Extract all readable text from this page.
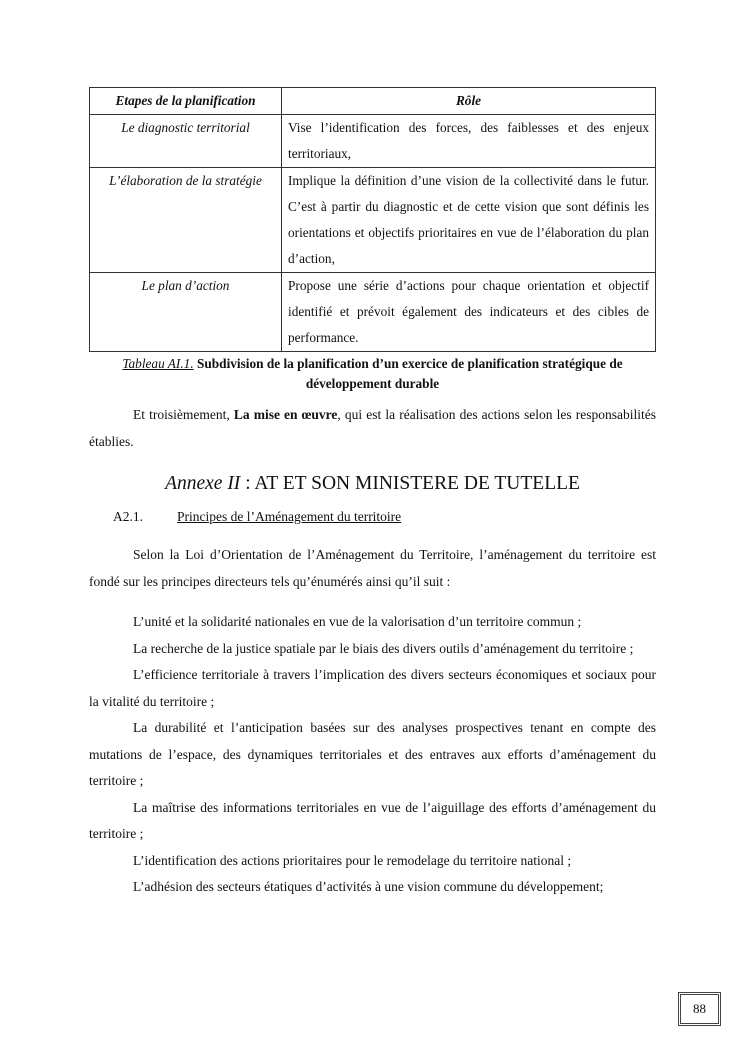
Etapes de la planification	Rôle
Le diagnostic territorial	Vise l’identification des forces, des faiblesses et des enjeux territoriaux,
L’élaboration de la stratégie	Implique la définition d’une vision de la collectivité dans le futur. C’est à partir du diagnostic et de cette vision que sont définis les orientations et objectifs prioritaires en vue de l’élaboration du plan d’action,
Le plan d’action	Propose une série d’actions pour chaque orientation et objectif identifié et prévoit également des indicateurs et des cibles de performance.
Tableau AI.1. Subdivision de la planification d’un exercice de planification stratégique de développement durable

Et troisièmement, La mise en œuvre, qui est la réalisation des actions selon les responsabilités établies.

Annexe II : AT ET SON MINISTERE DE TUTELLE
A2.1.	Principes de l’Aménagement du territoire

Selon la Loi d’Orientation de l’Aménagement du Territoire, l’aménagement du territoire est fondé sur les principes directeurs tels qu’énumérés ainsi qu’il suit :

L’unité et la solidarité nationales en vue de la valorisation d’un territoire commun ;

La recherche de la justice spatiale par le biais des divers outils d’aménagement du territoire ;

L’efficience territoriale à travers l’implication des divers secteurs économiques et sociaux pour la vitalité du territoire ;

La durabilité et l’anticipation basées sur des analyses prospectives tenant en compte des mutations de l’espace, des dynamiques territoriales et des entraves aux efforts d’aménagement du territoire ;

La maîtrise des informations territoriales en vue de l’aiguillage des efforts d’aménagement du territoire ;

L’identification des actions prioritaires pour le remodelage du territoire national ;

L’adhésion des secteurs étatiques d’activités à une vision commune du développement;

88
